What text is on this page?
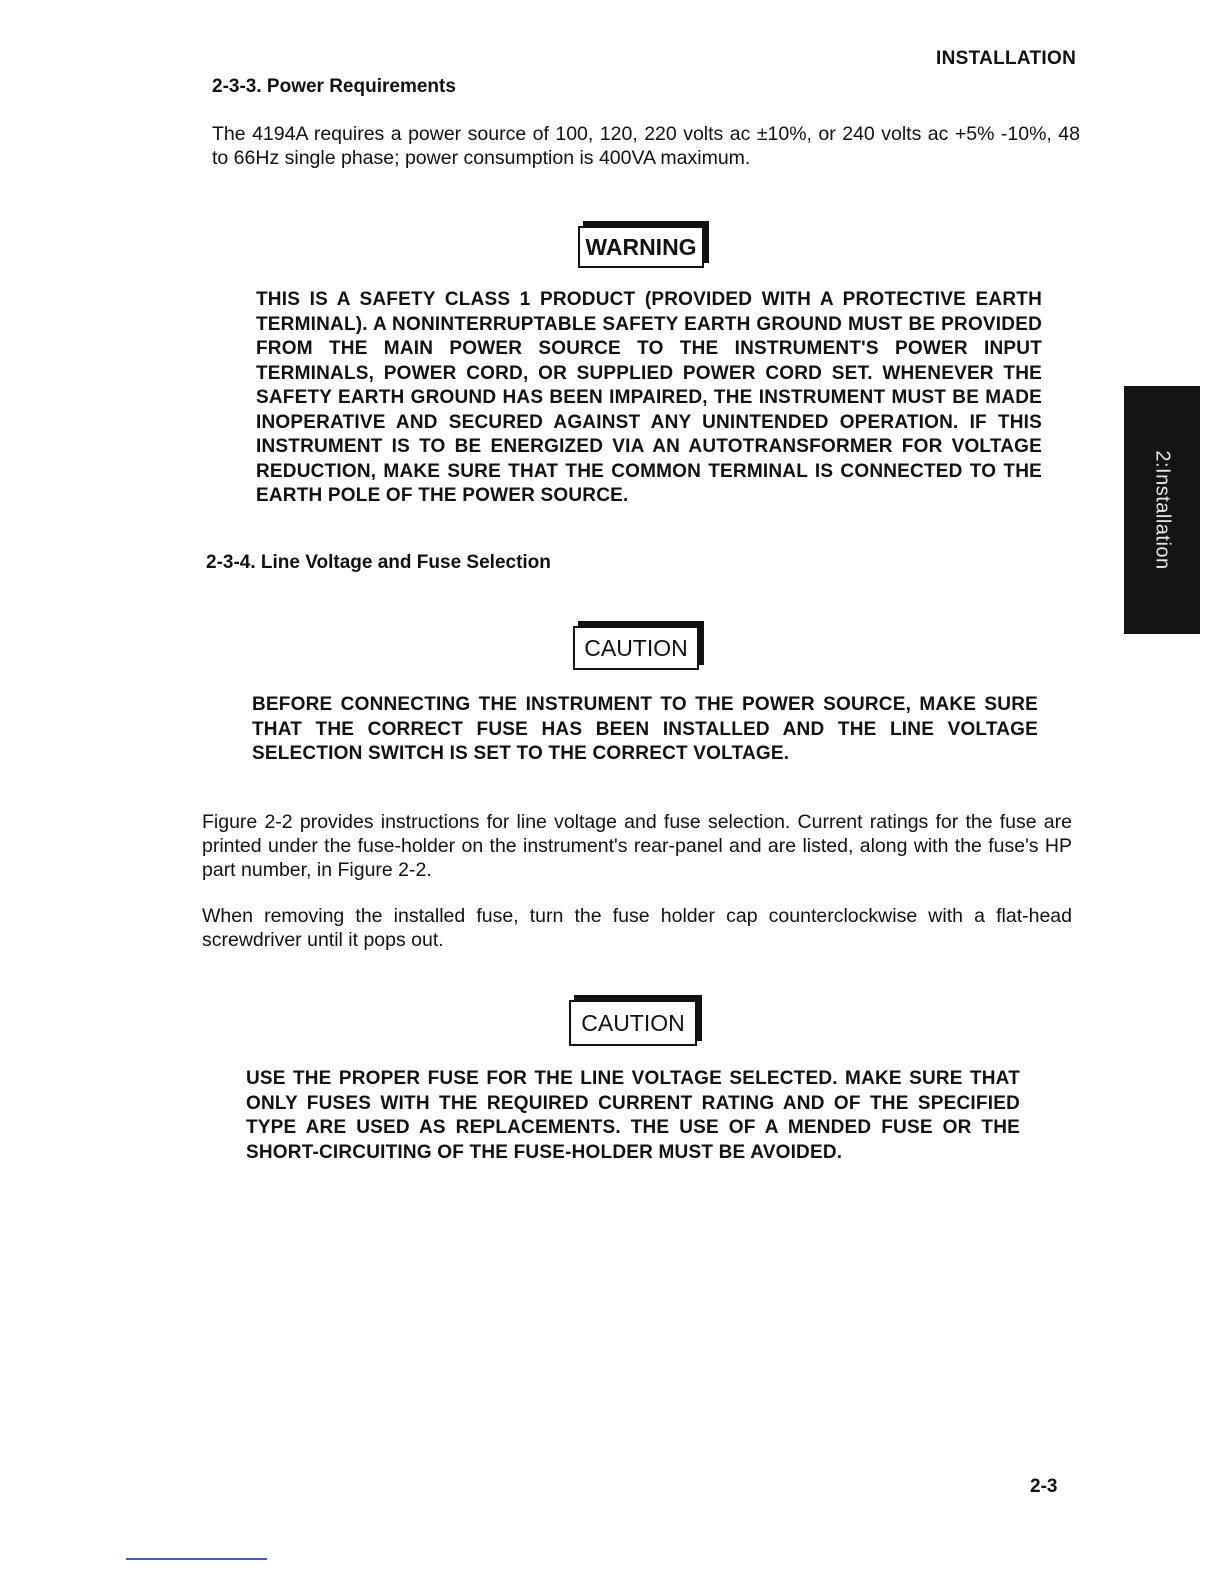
INSTALLATION
2-3-3. Power Requirements
The 4194A requires a power source of 100, 120, 220 volts ac ±10%, or 240 volts ac +5% -10%, 48 to 66Hz single phase; power consumption is 400VA maximum.
WARNING
THIS IS A SAFETY CLASS 1 PRODUCT (PROVIDED WITH A PROTECTIVE EARTH TERMINAL). A NONINTERRUPTABLE SAFETY EARTH GROUND MUST BE PROVIDED FROM THE MAIN POWER SOURCE TO THE INSTRUMENT'S POWER INPUT TERMINALS, POWER CORD, OR SUPPLIED POWER CORD SET. WHENEVER THE SAFETY EARTH GROUND HAS BEEN IMPAIRED, THE INSTRUMENT MUST BE MADE INOPERATIVE AND SECURED AGAINST ANY UNINTENDED OPERATION. IF THIS INSTRUMENT IS TO BE ENERGIZED VIA AN AUTOTRANSFORMER FOR VOLTAGE REDUCTION, MAKE SURE THAT THE COMMON TERMINAL IS CONNECTED TO THE EARTH POLE OF THE POWER SOURCE.
2-3-4. Line Voltage and Fuse Selection
CAUTION
BEFORE CONNECTING THE INSTRUMENT TO THE POWER SOURCE, MAKE SURE THAT THE CORRECT FUSE HAS BEEN INSTALLED AND THE LINE VOLTAGE SELECTION SWITCH IS SET TO THE CORRECT VOLTAGE.
Figure 2-2 provides instructions for line voltage and fuse selection. Current ratings for the fuse are printed under the fuse-holder on the instrument's rear-panel and are listed, along with the fuse's HP part number, in Figure 2-2.
When removing the installed fuse, turn the fuse holder cap counterclockwise with a flat-head screwdriver until it pops out.
CAUTION
USE THE PROPER FUSE FOR THE LINE VOLTAGE SELECTED. MAKE SURE THAT ONLY FUSES WITH THE REQUIRED CURRENT RATING AND OF THE SPECIFIED TYPE ARE USED AS REPLACEMENTS. THE USE OF A MENDED FUSE OR THE SHORT-CIRCUITING OF THE FUSE-HOLDER MUST BE AVOIDED.
2:Installation
2-3
